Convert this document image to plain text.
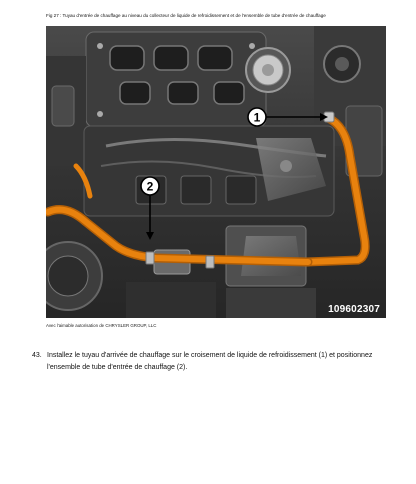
Fig 27 : Tuyau d'entrée de chauffage au niveau du collecteur de liquide de refroidissement et de l'ensemble de tube d'entrée de chauffage
1
2
109602307
Avec l'aimable autorisation de CHRYSLER GROUP, LLC
43. Installez le tuyau d'arrivée de chauffage sur le croisement de liquide de refroidissement (1) et positionnez l'ensemble de tube d'entrée de chauffage (2).
